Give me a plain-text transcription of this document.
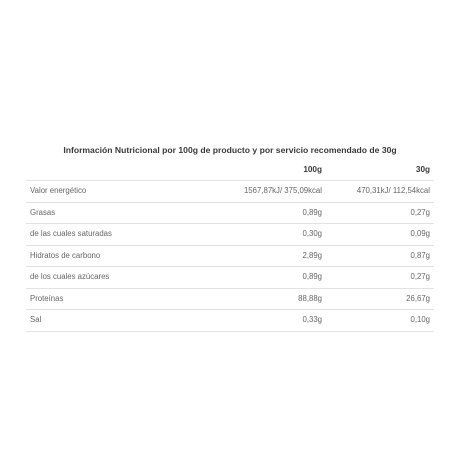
Información Nutricional por 100g de producto y por servicio recomendado de 30g
	100g	30g
Valor energético	1567,87kJ/ 375,09kcal	470,31kJ/ 112,54kcal
Grasas	0,89g	0,27g
de las cuales saturadas	0,30g	0,09g
Hidratos de carbono	2,89g	0,87g
de los cuales azúcares	0,89g	0,27g
Proteínas	88,88g	26,67g
Sal	0,33g	0,10g
